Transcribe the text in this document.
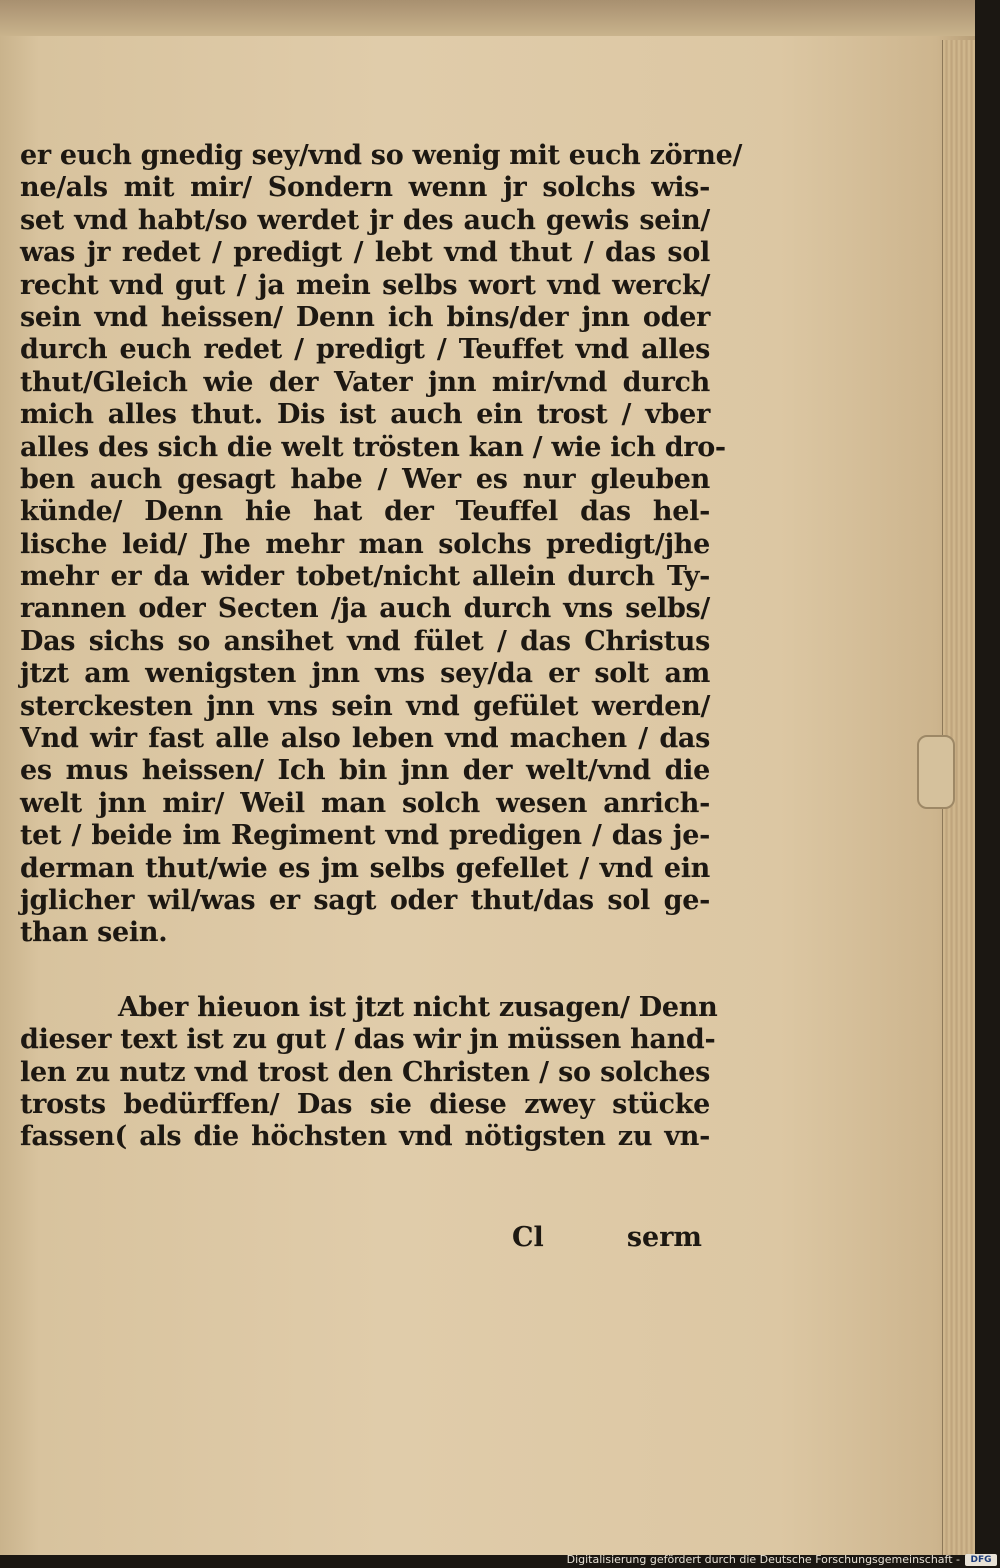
er euch gnedig sey/vnd so wenig mit euch zörne/
ne/als mit mir/ Sondern wenn jr solchs wis-
set vnd habt/so werdet jr des auch gewis sein/
was jr redet / predigt / lebt vnd thut / das sol
recht vnd gut / ja mein selbs wort vnd werck/
sein vnd heissen/ Denn ich bins/der jnn oder
durch euch redet / predigt / Teuffet vnd alles
thut/Gleich wie der Vater jnn mir/vnd durch
mich alles thut. Dis ist auch ein trost / vber
alles des sich die welt trösten kan / wie ich dro-
ben auch gesagt habe / Wer es nur gleuben
künde/ Denn hie hat der Teuffel das hel-
lische leid/ Jhe mehr man solchs predigt/jhe
mehr er da wider tobet/nicht allein durch Ty-
rannen oder Secten /ja auch durch vns selbs/
Das sichs so ansihet vnd fület / das Christus
jtzt am wenigsten jnn vns sey/da er solt am
sterckesten jnn vns sein vnd gefület werden/
Vnd wir fast alle also leben vnd machen / das
es mus heissen/ Ich bin jnn der welt/vnd die
welt jnn mir/ Weil man solch wesen anrich-
tet / beide im Regiment vnd predigen / das je-
derman thut/wie es jm selbs gefellet / vnd ein
jglicher wil/was er sagt oder thut/das sol ge-
than sein.
Aber hieuon ist jtzt nicht zusagen/ Denn
dieser text ist zu gut / das wir jn müssen hand-
len zu nutz vnd trost den Christen / so solches
trosts bedürffen/ Das sie diese zwey stücke
fassen( als die höchsten vnd nötigsten zu vn-
Cl	serm
Digitalisierung gefördert durch die Deutsche Forschungsgemeinschaft -	DFG
